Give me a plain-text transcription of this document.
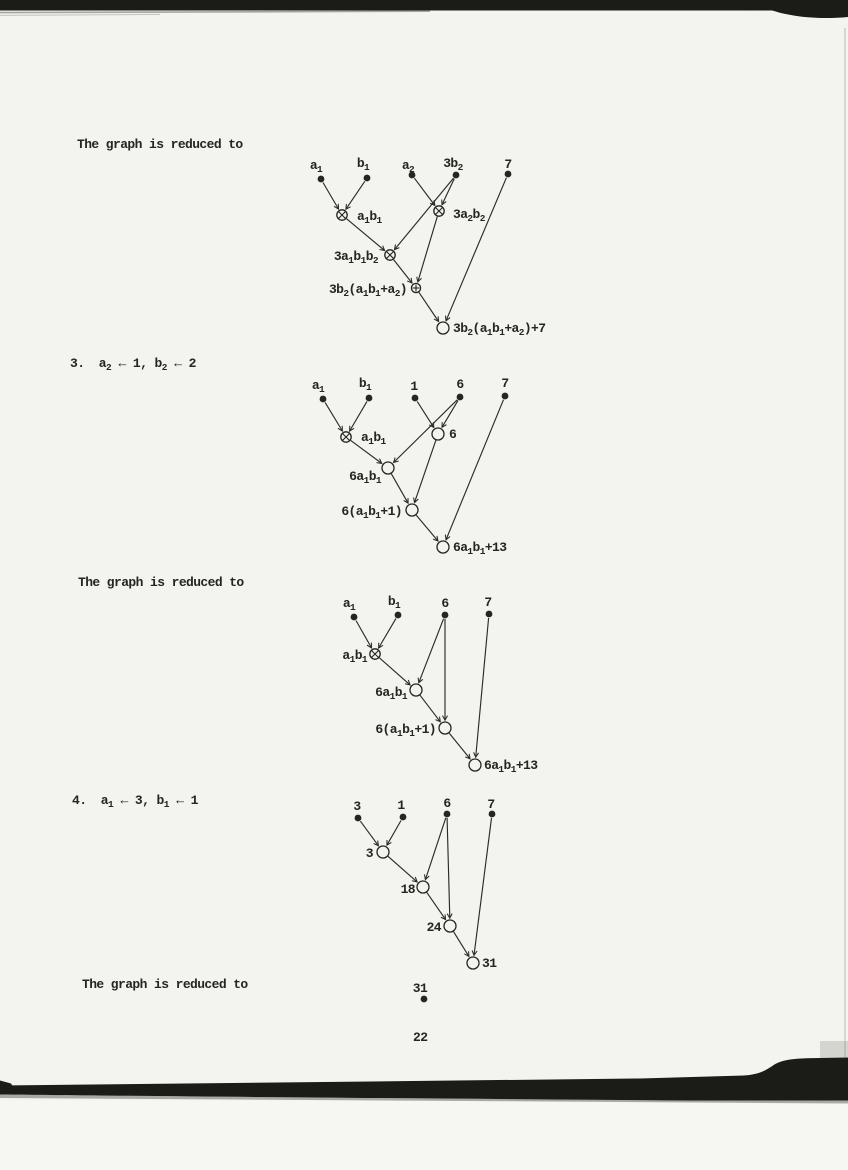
$a_1$	$b_1$	$a_2$ $3b_2$	7
$a_1b_1$	$3a_2b_2$
$3a_1b_1b_2$
$3b_2(a_1b_1+a_2)$
$3b_2(a_1b_1+a_2)+7$
$a_1$	$b_1$	1	6	7
$a_1b_1$	6
$6a_1b_1$
$6(a_1b_1+1)$
$6a_1b_1+13$
$a_1$	$b_1$	6	7
$a_1b_1$
$6a_1b_1$
$6(a_1b_1+1)$
$6a_1b_1+13$
3	1	6	7
3
18
24
31
31
The graph is reduced to
3.  $a_2$ ← 1, $b_2$ ← 2
The graph is reduced to
4.  $a_1$ ← 3, $b_1$ ← 1
The graph is reduced to
22
